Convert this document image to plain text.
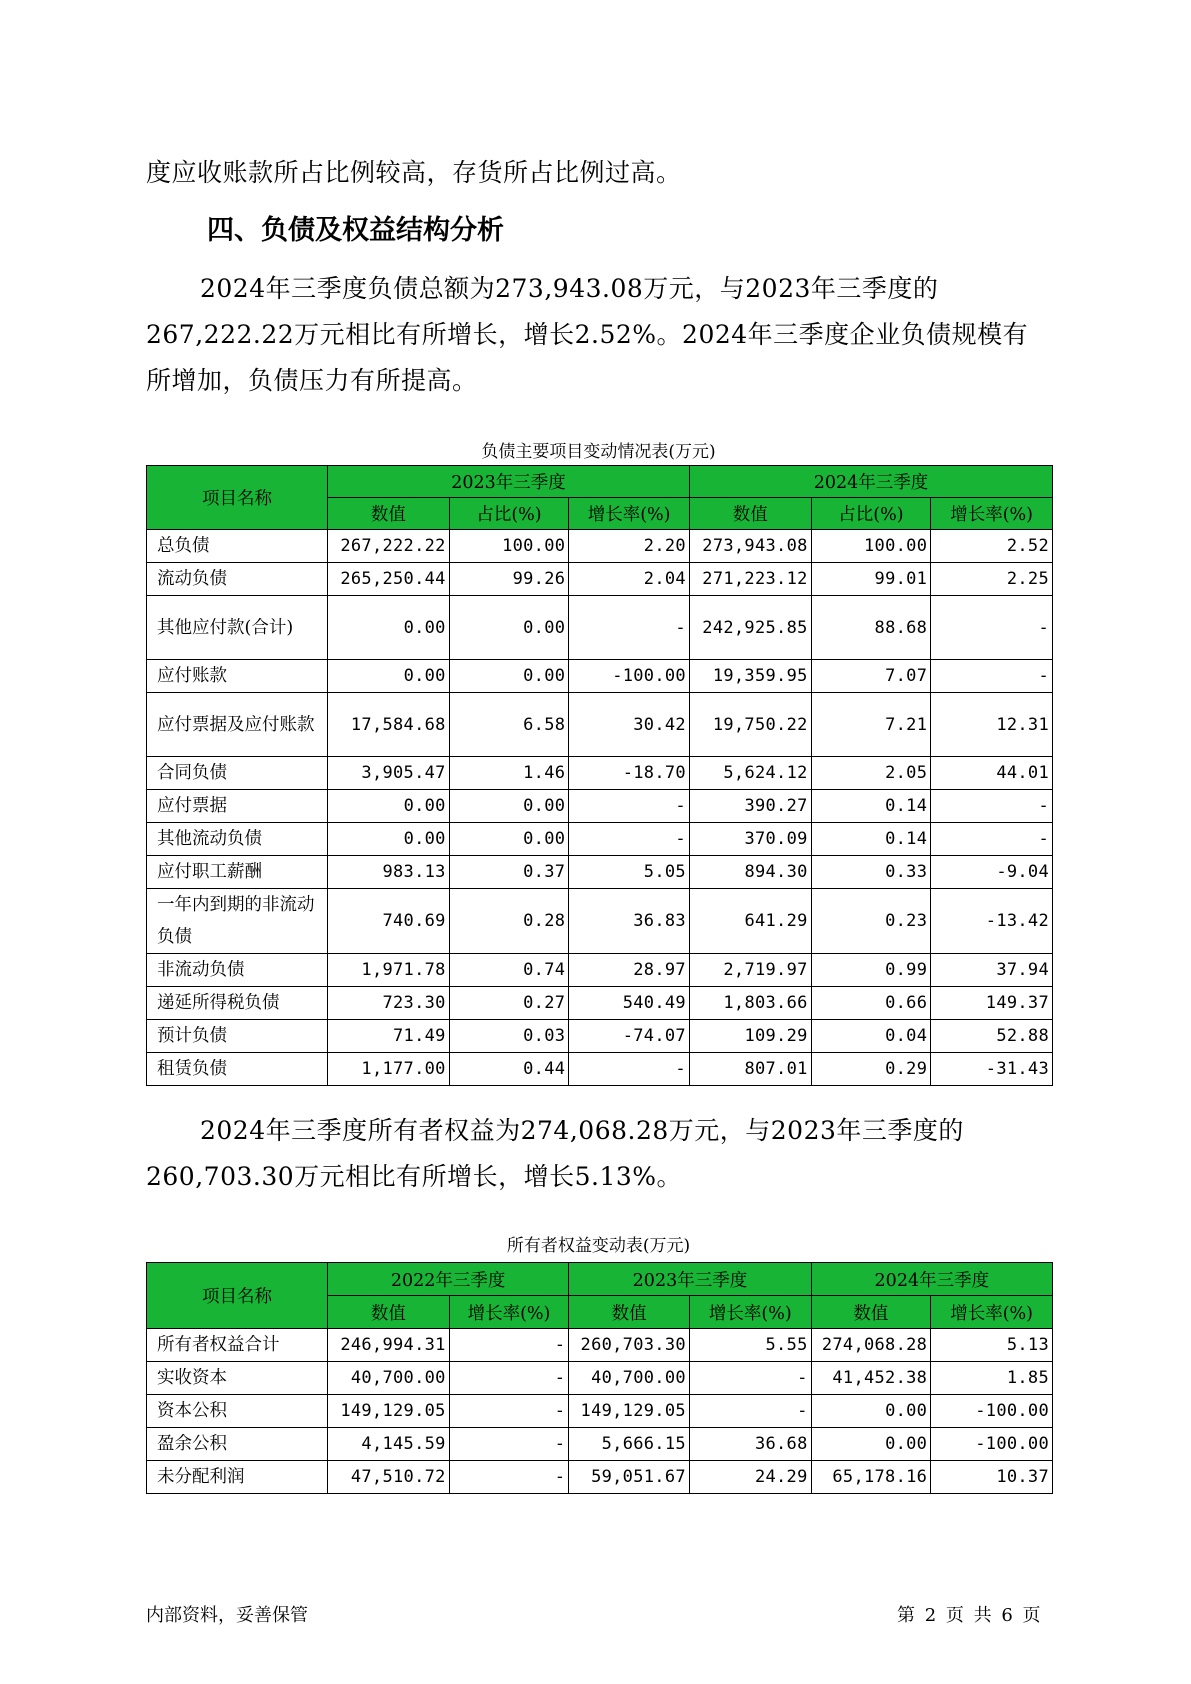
度应收账款所占比例较高，存货所占比例过高。
四、负债及权益结构分析
2024年三季度负债总额为273,943.08万元，与2023年三季度的267,222.22万元相比有所增长，增长2.52%。2024年三季度企业负债规模有所增加，负债压力有所提高。
负债主要项目变动情况表(万元)
项目名称	2023年三季度			2024年三季度		
	数值	占比(%)	增长率(%)	数值	占比(%)	增长率(%)
总负债	267,222.22	100.00	2.20	273,943.08	100.00	2.52
流动负债	265,250.44	99.26	2.04	271,223.12	99.01	2.25
其他应付款(合计)	0.00	0.00	-	242,925.85	88.68	-
应付账款	0.00	0.00	-100.00	19,359.95	7.07	-
应付票据及应付账款	17,584.68	6.58	30.42	19,750.22	7.21	12.31
合同负债	3,905.47	1.46	-18.70	5,624.12	2.05	44.01
应付票据	0.00	0.00	-	390.27	0.14	-
其他流动负债	0.00	0.00	-	370.09	0.14	-
应付职工薪酬	983.13	0.37	5.05	894.30	0.33	-9.04
一年内到期的非流动负债	740.69	0.28	36.83	641.29	0.23	-13.42
非流动负债	1,971.78	0.74	28.97	2,719.97	0.99	37.94
递延所得税负债	723.30	0.27	540.49	1,803.66	0.66	149.37
预计负债	71.49	0.03	-74.07	109.29	0.04	52.88
租赁负债	1,177.00	0.44	-	807.01	0.29	-31.43
2024年三季度所有者权益为274,068.28万元，与2023年三季度的260,703.30万元相比有所增长，增长5.13%。
所有者权益变动表(万元)
项目名称	2022年三季度		2023年三季度		2024年三季度	
	数值	增长率(%)	数值	增长率(%)	数值	增长率(%)
所有者权益合计	246,994.31	-	260,703.30	5.55	274,068.28	5.13
实收资本	40,700.00	-	40,700.00	-	41,452.38	1.85
资本公积	149,129.05	-	149,129.05	-	0.00	-100.00
盈余公积	4,145.59	-	5,666.15	36.68	0.00	-100.00
未分配利润	47,510.72	-	59,051.67	24.29	65,178.16	10.37
内部资料，妥善保管	第 2 页 共 6 页
